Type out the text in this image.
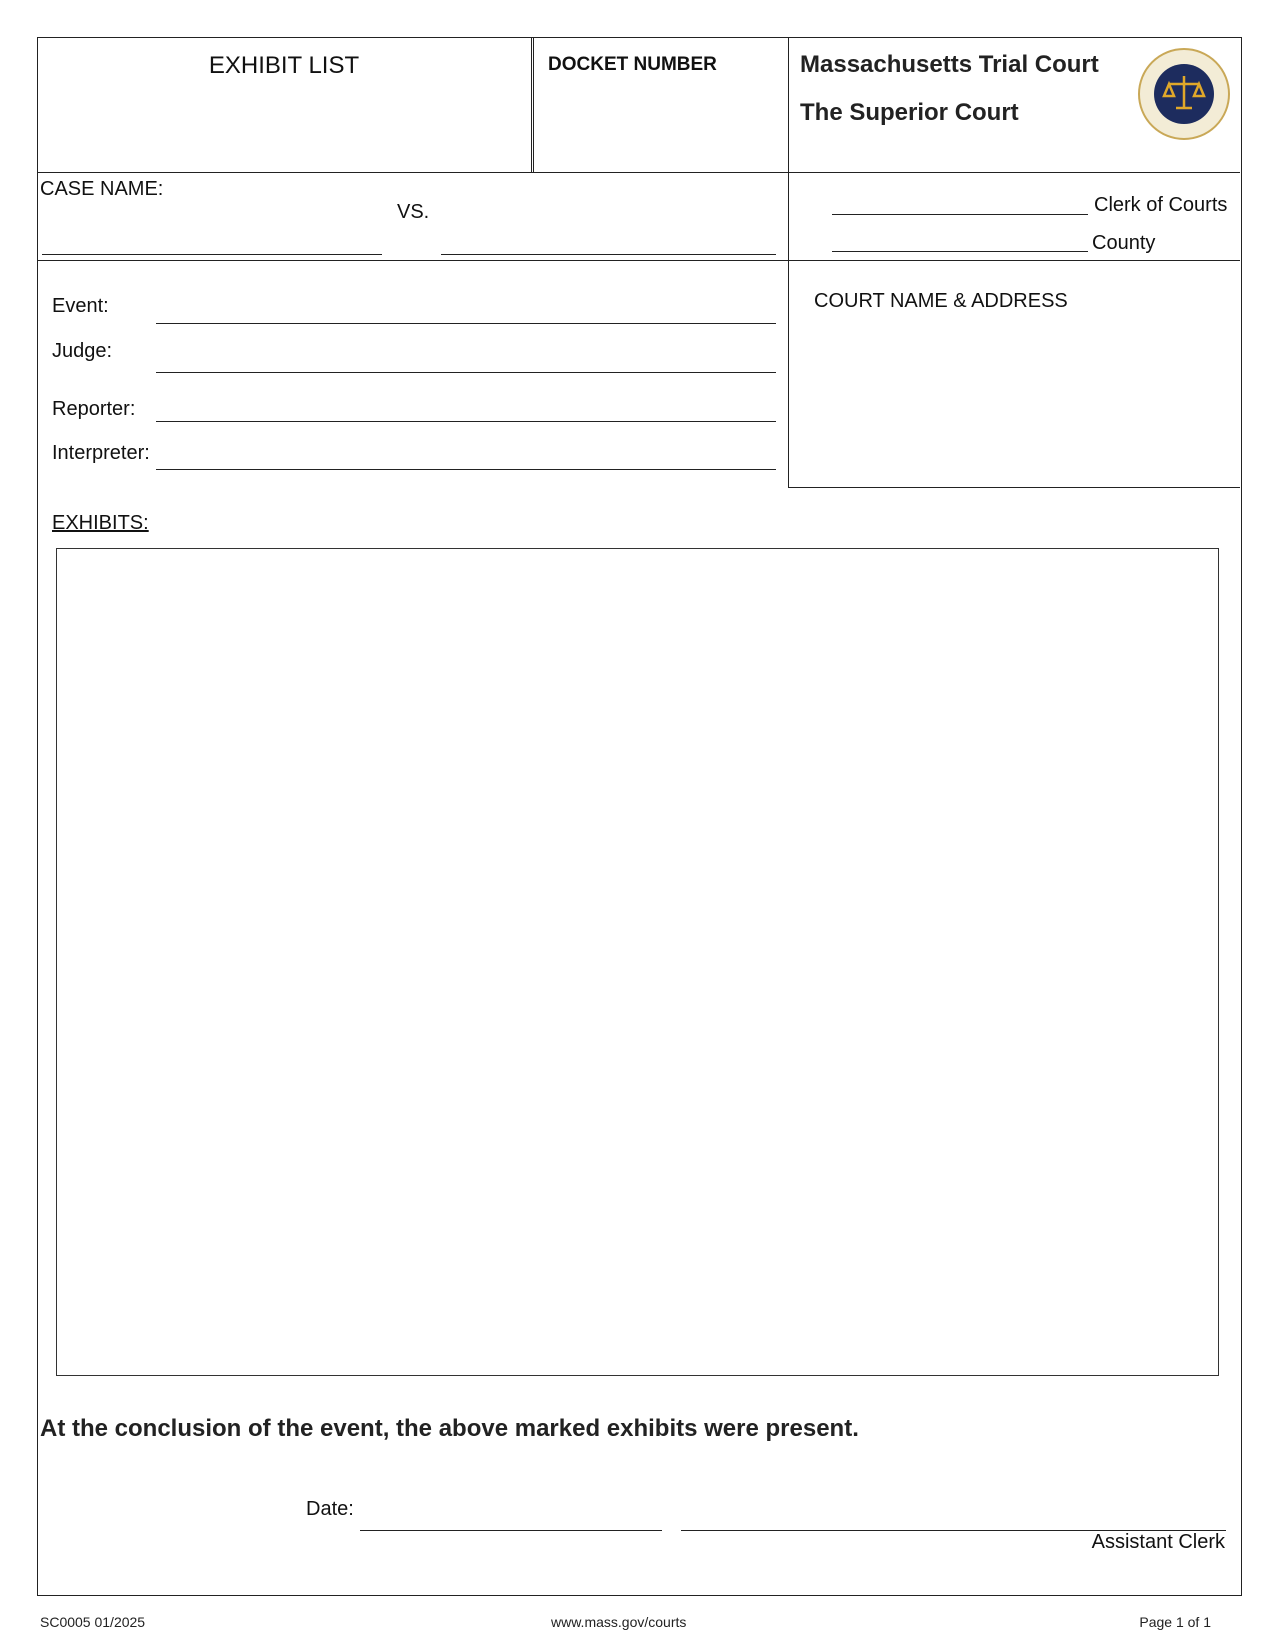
EXHIBIT LIST	DOCKET NUMBER	Massachusetts Trial Court
The Superior Court
CASE NAME:
VS.	Clerk of Courts
County
Event:
Judge:
Reporter:
Interpreter:
COURT NAME & ADDRESS
EXHIBITS:
At the conclusion of the event, the above marked exhibits were present.
Date:
Assistant Clerk
SC0005 01/2025	www.mass.gov/courts	Page 1 of 1
